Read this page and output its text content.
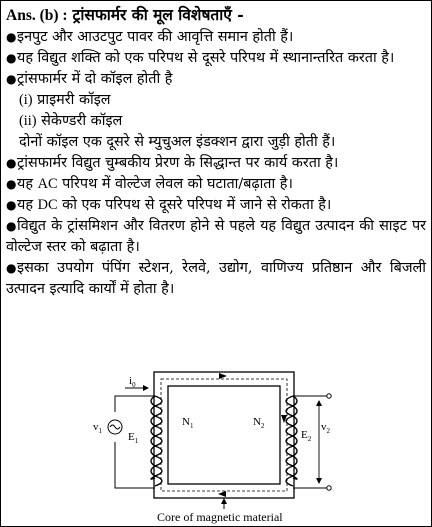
Ans. (b) : ट्रांसफार्मर की मूल विशेषताएँ -
●इनपुट और आउटपुट पावर की आवृत्ति समान होती हैं।
●यह विद्युत शक्ति को एक परिपथ से दूसरे परिपथ में स्थानान्तरित करता है।
●ट्रांसफार्मर में दो कॉइल होती है
(i) प्राइमरी कॉइल
(ii) सेकेण्डरी कॉइल
दोनों कॉइल एक दूसरे से म्युचुअल इंडक्शन द्वारा जुड़ी होती हैं।
●ट्रांसफार्मर विद्युत चुम्बकीय प्रेरण के सिद्धान्त पर कार्य करता है।
●यह AC परिपथ में वोल्टेज लेवल को घटाता/बढ़ाता है।
●यह DC को एक परिपथ से दूसरे परिपथ में जाने से रोकता है।
●विद्युत के ट्रांसमिशन और वितरण होने से पहले यह विद्युत उत्पादन की साइट पर वोल्टेज स्तर को बढ़ाता है।
●इसका उपयोग पंपिंग स्टेशन, रेलवे, उद्योग, वाणिज्य प्रतिष्ठान और बिजली उत्पादन इत्यादि कार्यों में होता है।
$i_0$
$v_1$ $E_1$
$N_1$	$N_2$
$E_2$
$v_2$
Core of magnetic material
